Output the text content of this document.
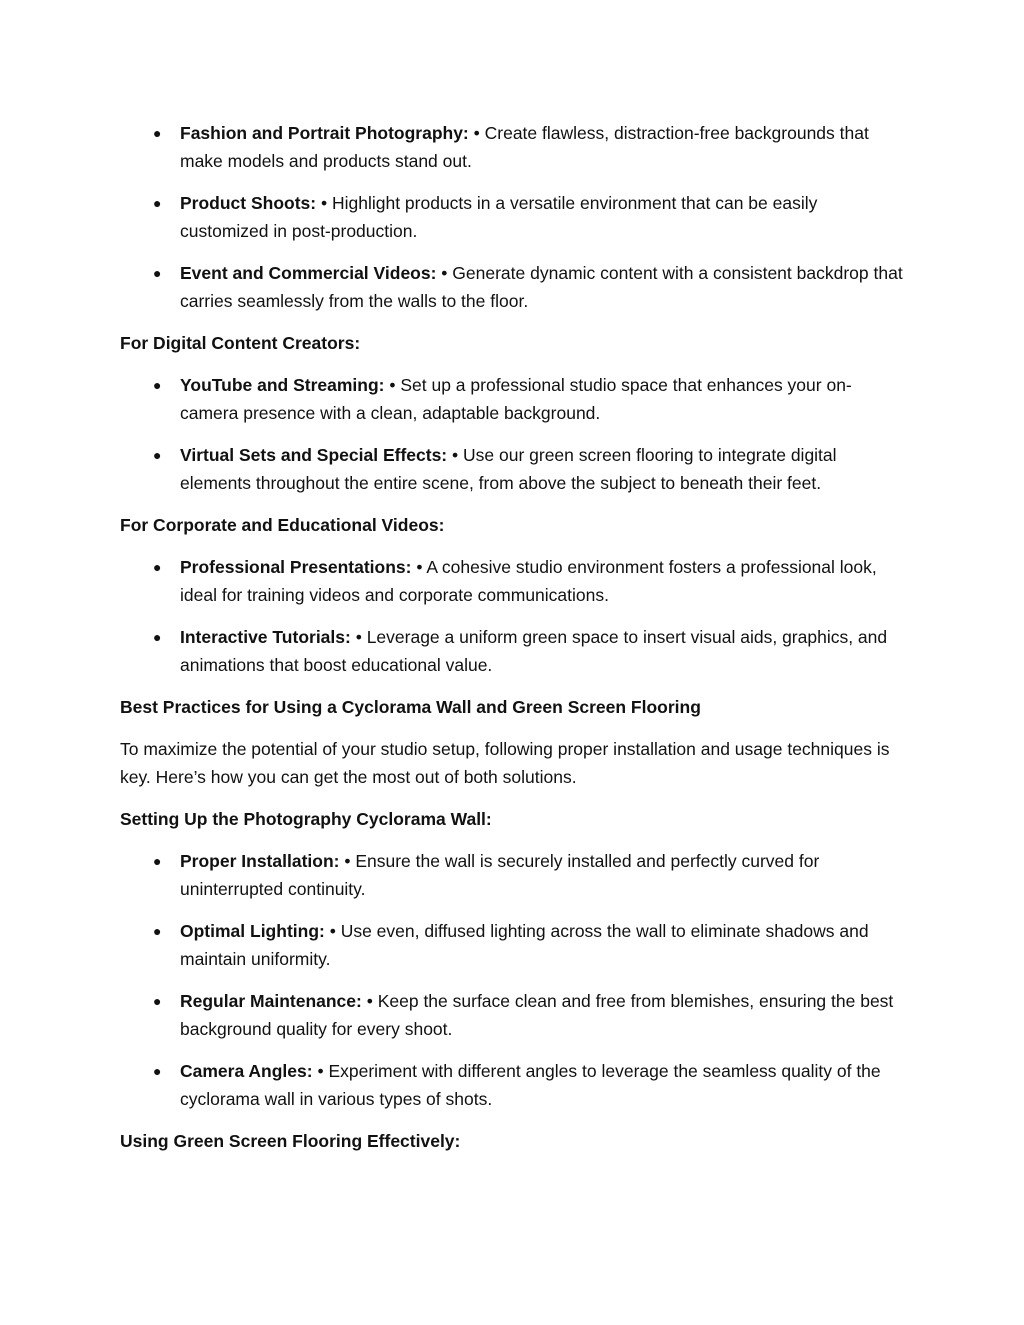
● Fashion and Portrait Photography: • Create flawless, distraction-free backgrounds that make models and products stand out.
● Product Shoots: • Highlight products in a versatile environment that can be easily customized in post-production.
● Event and Commercial Videos: • Generate dynamic content with a consistent backdrop that carries seamlessly from the walls to the floor.

For Digital Content Creators:

● YouTube and Streaming: • Set up a professional studio space that enhances your on-camera presence with a clean, adaptable background.
● Virtual Sets and Special Effects: • Use our green screen flooring to integrate digital elements throughout the entire scene, from above the subject to beneath their feet.

For Corporate and Educational Videos:

● Professional Presentations: • A cohesive studio environment fosters a professional look, ideal for training videos and corporate communications.
● Interactive Tutorials: • Leverage a uniform green space to insert visual aids, graphics, and animations that boost educational value.

Best Practices for Using a Cyclorama Wall and Green Screen Flooring

To maximize the potential of your studio setup, following proper installation and usage techniques is key. Here’s how you can get the most out of both solutions.

Setting Up the Photography Cyclorama Wall:

● Proper Installation: • Ensure the wall is securely installed and perfectly curved for uninterrupted continuity.
● Optimal Lighting: • Use even, diffused lighting across the wall to eliminate shadows and maintain uniformity.
● Regular Maintenance: • Keep the surface clean and free from blemishes, ensuring the best background quality for every shoot.
● Camera Angles: • Experiment with different angles to leverage the seamless quality of the cyclorama wall in various types of shots.

Using Green Screen Flooring Effectively:
